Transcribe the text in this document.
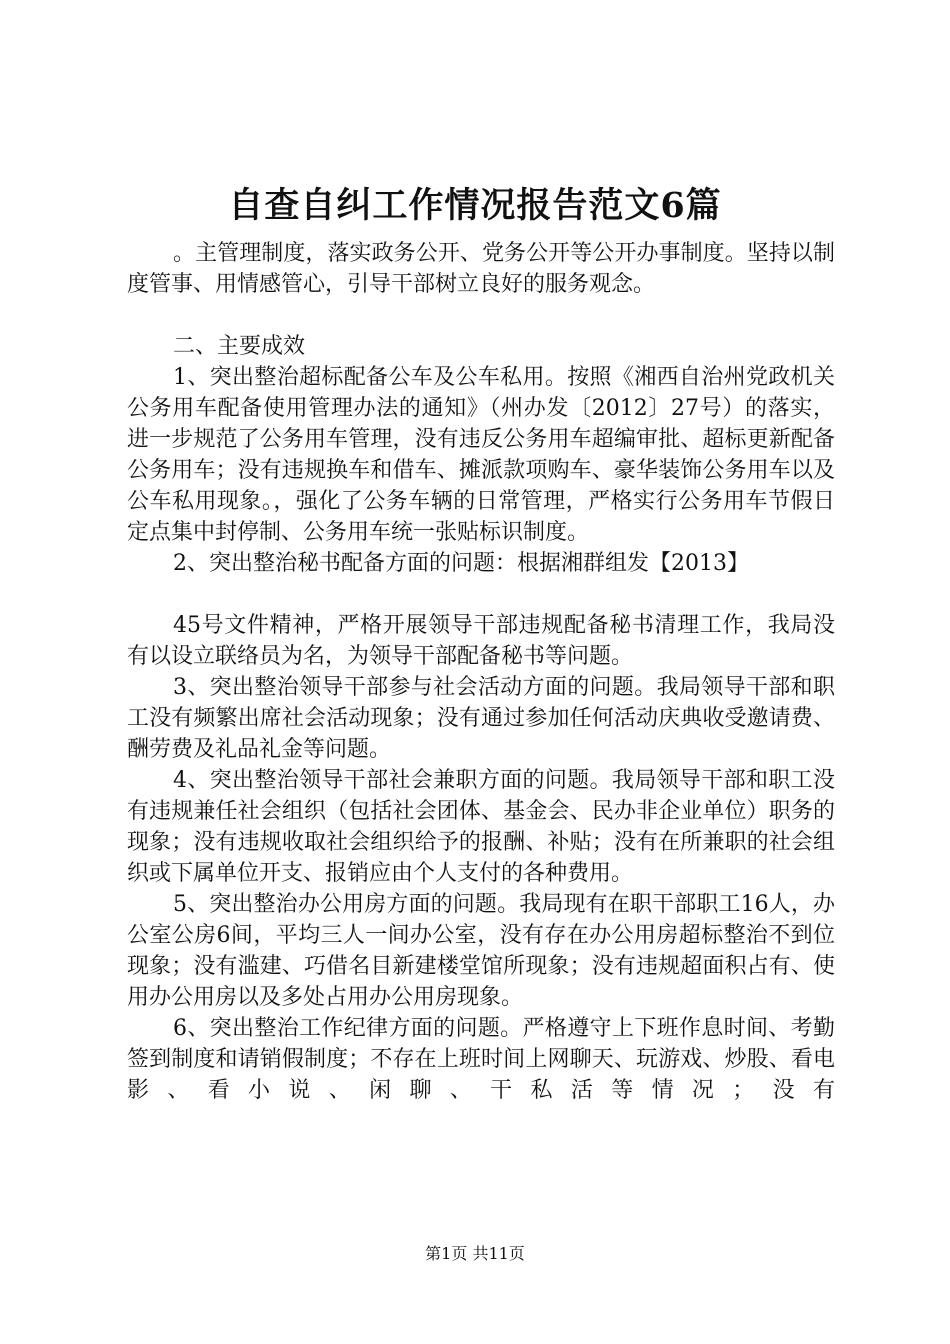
自查自纠工作情况报告范文6篇

。主管理制度，落实政务公开、党务公开等公开办事制度。坚持以制度管事、用情感管心，引导干部树立良好的服务观念。

二、主要成效

1、突出整治超标配备公车及公车私用。按照《湘西自治州党政机关公务用车配备使用管理办法的通知》（州办发〔2012〕27号）的落实，进一步规范了公务用车管理，没有违反公务用车超编审批、超标更新配备公务用车；没有违规换车和借车、摊派款项购车、豪华装饰公务用车以及公车私用现象。，强化了公务车辆的日常管理，严格实行公务用车节假日定点集中封停制、公务用车统一张贴标识制度。

2、突出整治秘书配备方面的问题：根据湘群组发【2013】

45号文件精神，严格开展领导干部违规配备秘书清理工作，我局没有以设立联络员为名，为领导干部配备秘书等问题。

3、突出整治领导干部参与社会活动方面的问题。我局领导干部和职工没有频繁出席社会活动现象；没有通过参加任何活动庆典收受邀请费、酬劳费及礼品礼金等问题。

4、突出整治领导干部社会兼职方面的问题。我局领导干部和职工没有违规兼任社会组织（包括社会团体、基金会、民办非企业单位）职务的现象；没有违规收取社会组织给予的报酬、补贴；没有在所兼职的社会组织或下属单位开支、报销应由个人支付的各种费用。

5、突出整治办公用房方面的问题。我局现有在职干部职工16人，办公室公房6间，平均三人一间办公室，没有存在办公用房超标整治不到位现象；没有滥建、巧借名目新建楼堂馆所现象；没有违规超面积占有、使用办公用房以及多处占用办公用房现象。

6、突出整治工作纪律方面的问题。严格遵守上下班作息时间、考勤签到制度和请销假制度；不存在上班时间上网聊天、玩游戏、炒股、看电影、看小说、闲聊、干私活等情况；没有

第1页 共11页
